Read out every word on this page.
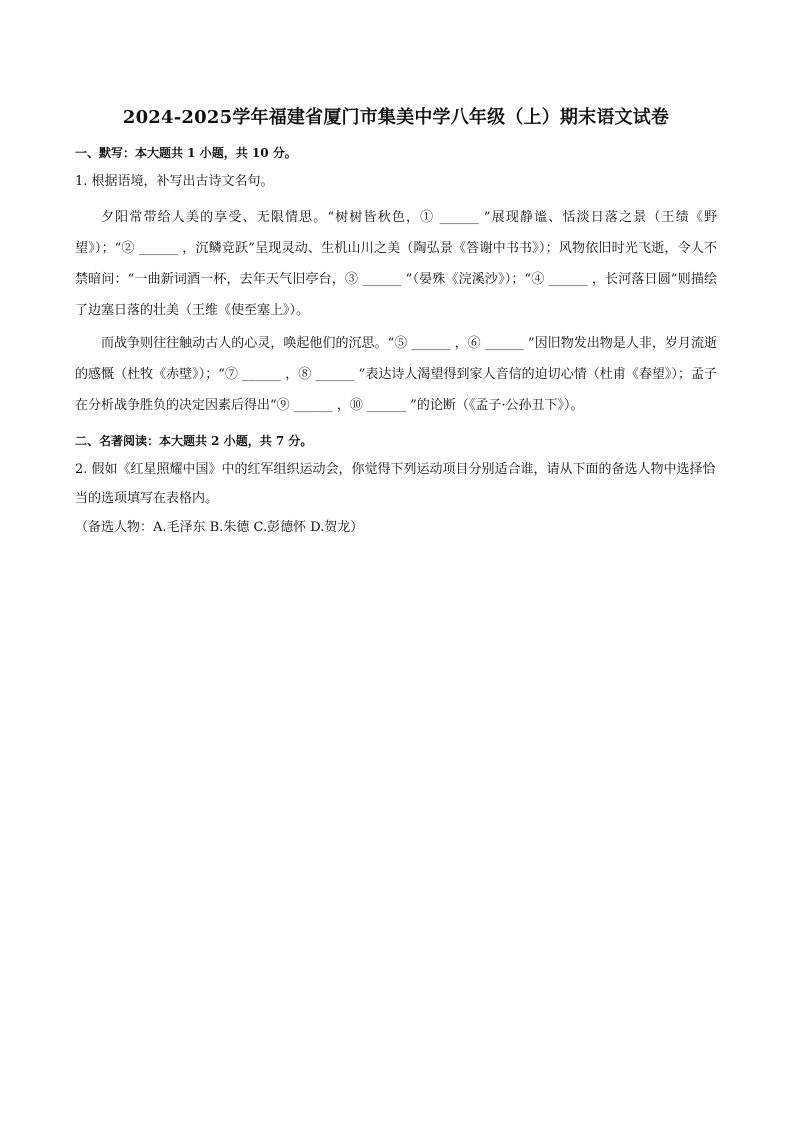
2024-2025学年福建省厦门市集美中学八年级（上）期末语文试卷

一、默写：本大题共 1 小题，共 10 分。

1. 根据语境，补写出古诗文名句。

夕阳常带给人美的享受、无限情思。“树树皆秋色，① ______ ”展现静谧、恬淡日落之景（王绩《野望》）；“② ______ ，沉鳞竞跃”呈现灵动、生机山川之美（陶弘景《答谢中书书》）；风物依旧时光飞逝，令人不禁暗问：“一曲新词酒一杯，去年天气旧亭台，③ ______ ”（晏殊《浣溪沙》）；“④ ______ ，长河落日圆”则描绘了边塞日落的壮美（王维《使至塞上》）。

而战争则往往触动古人的心灵，唤起他们的沉思。“⑤ ______ ，⑥ ______ ”因旧物发出物是人非，岁月流逝的感慨（杜牧《赤壁》）；“⑦ ______ ，⑧ ______ ”表达诗人渴望得到家人音信的迫切心情（杜甫《春望》）；孟子在分析战争胜负的决定因素后得出“⑨ ______ ，⑩ ______ ”的论断（《孟子·公孙丑下》）。

二、名著阅读：本大题共 2 小题，共 7 分。

2. 假如《红星照耀中国》中的红军组织运动会，你觉得下列运动项目分别适合谁，请从下面的备选人物中选择恰当的选项填写在表格内。

（备选人物：A.毛泽东 B.朱德 C.彭德怀 D.贺龙）
